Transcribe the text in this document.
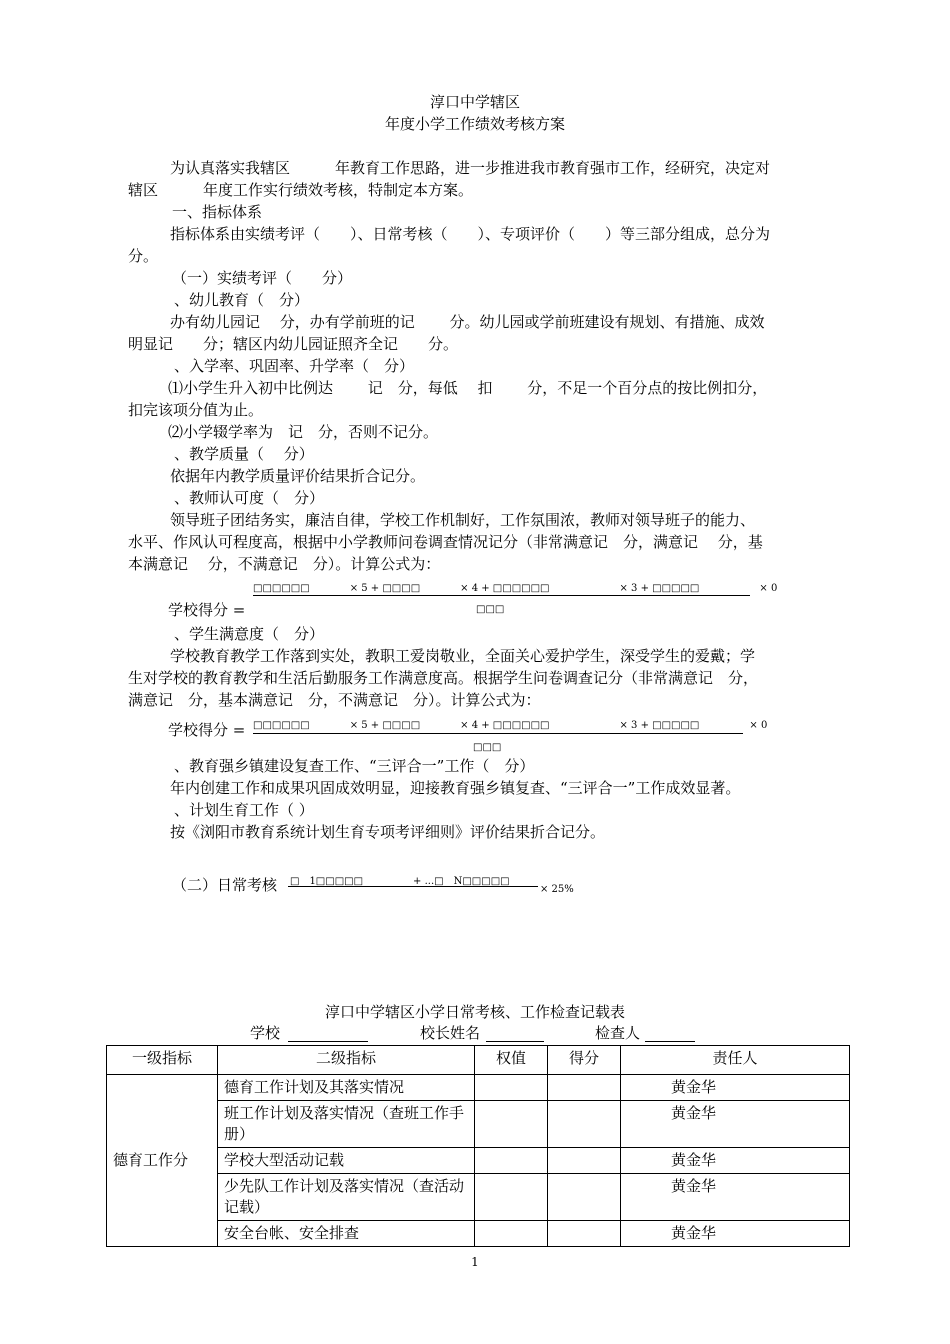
淳口中学辖区
年度小学工作绩效考核方案
为认真落实我辖区　　　年教育工作思路，进一步推进我市教育强市工作，经研究，决定对
辖区　　　年度工作实行绩效考核，特制定本方案。
一、指标体系
指标体系由实绩考评（　　）、日常考核（　　）、专项评价（　　）等三部分组成，总分为
分。
（一）实绩考评（　　分）
、幼儿教育（　分）
办有幼儿园记　 分，办有学前班的记　　 分。幼儿园或学前班建设有规划、有措施、成效
明显记　　分；辖区内幼儿园证照齐全记　　分。
、入学率、巩固率、升学率（　分）
⑴小学生升入初中比例达　　 记　分，每低　 扣　　 分，不足一个百分点的按比例扣分，
扣完该项分值为止。
⑵小学辍学率为　记　分，否则不记分。
、教学质量（　 分）
依据年内教学质量评价结果折合记分。
、教师认可度（　分）
领导班子团结务实，廉洁自律，学校工作机制好，工作氛围浓，教师对领导班子的能力、
水平、作风认可程度高，根据中小学教师问卷调查情况记分（非常满意记　分，满意记　 分，基
本满意记　 分，不满意记　分）。计算公式为：
□□□□□□　　　　× 5 + □□□□　　　　× 4 + □□□□□□　　　　　　　× 3 + □□□□□　　　　　　× 0
学校得分 =	□□□
、学生满意度（　分）
学校教育教学工作落到实处，教职工爱岗敬业，全面关心爱护学生，深受学生的爱戴；学
生对学校的教育教学和生活后勤服务工作满意度高。根据学生问卷调查记分（非常满意记　分，
满意记　分，基本满意记　分，不满意记　分）。计算公式为：
学校得分 = □□□□□□　　　　× 5 + □□□□　　　　× 4 + □□□□□□　　　　　　　× 3 + □□□□□　　　　　× 0
□□□
、教育强乡镇建设复查工作、“三评合一”工作（　分）
年内创建工作和成果巩固成效明显，迎接教育强乡镇复查、“三评合一”工作成效显著。
、计划生育工作（ ）
按《浏阳市教育系统计划生育专项考评细则》评价结果折合记分。
（二）日常考核 □　1□□□□□　　　　　+ ...□　N□□□□□
× 25%
淳口中学辖区小学日常考核、工作检查记载表
学校	校长姓名	检查人
一级指标	二级指标	权值	得分	责任人
德育工作分	德育工作计划及其落实情况			黄金华
	班工作计划及落实情况（查班工作手册）			黄金华
	学校大型活动记载			黄金华
	少先队工作计划及落实情况（查活动记载）			黄金华
	安全台帐、安全排查			黄金华
1
